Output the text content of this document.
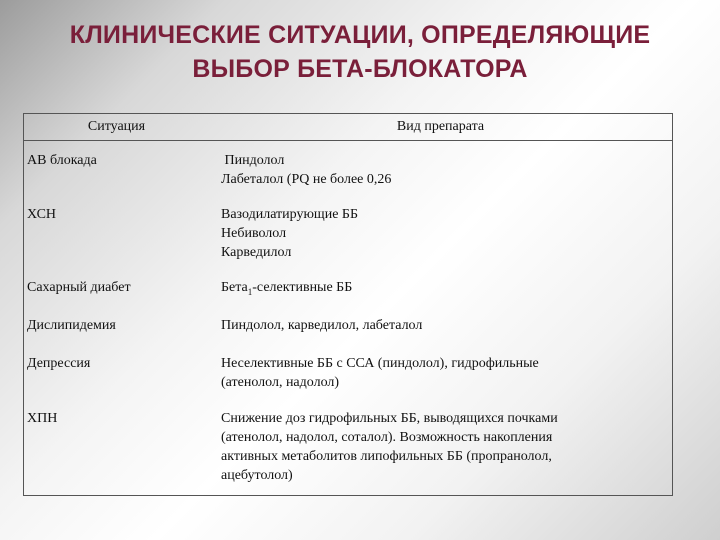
КЛИНИЧЕСКИЕ СИТУАЦИИ, ОПРЕДЕЛЯЮЩИЕ
ВЫБОР БЕТА-БЛОКАТОРА
Ситуация	Вид препарата

АВ блокада	Пиндолол
Лабеталол (PQ не более 0,26

ХСН	Вазодилатирующие ББ
Небиволол
Карведилол

Сахарный диабет	Бета$_1$-селективные ББ

Дислипидемия	Пиндолол, карведилол, лабеталол

Депрессия	Неселективные ББ с ССА (пиндолол), гидрофильные
(атенолол, надолол)

ХПН	Снижение доз гидрофильных ББ, выводящихся почками
(атенолол, надолол, соталол). Возможность накопления
активных метаболитов липофильных ББ (пропранолол,
ацебутолол)
